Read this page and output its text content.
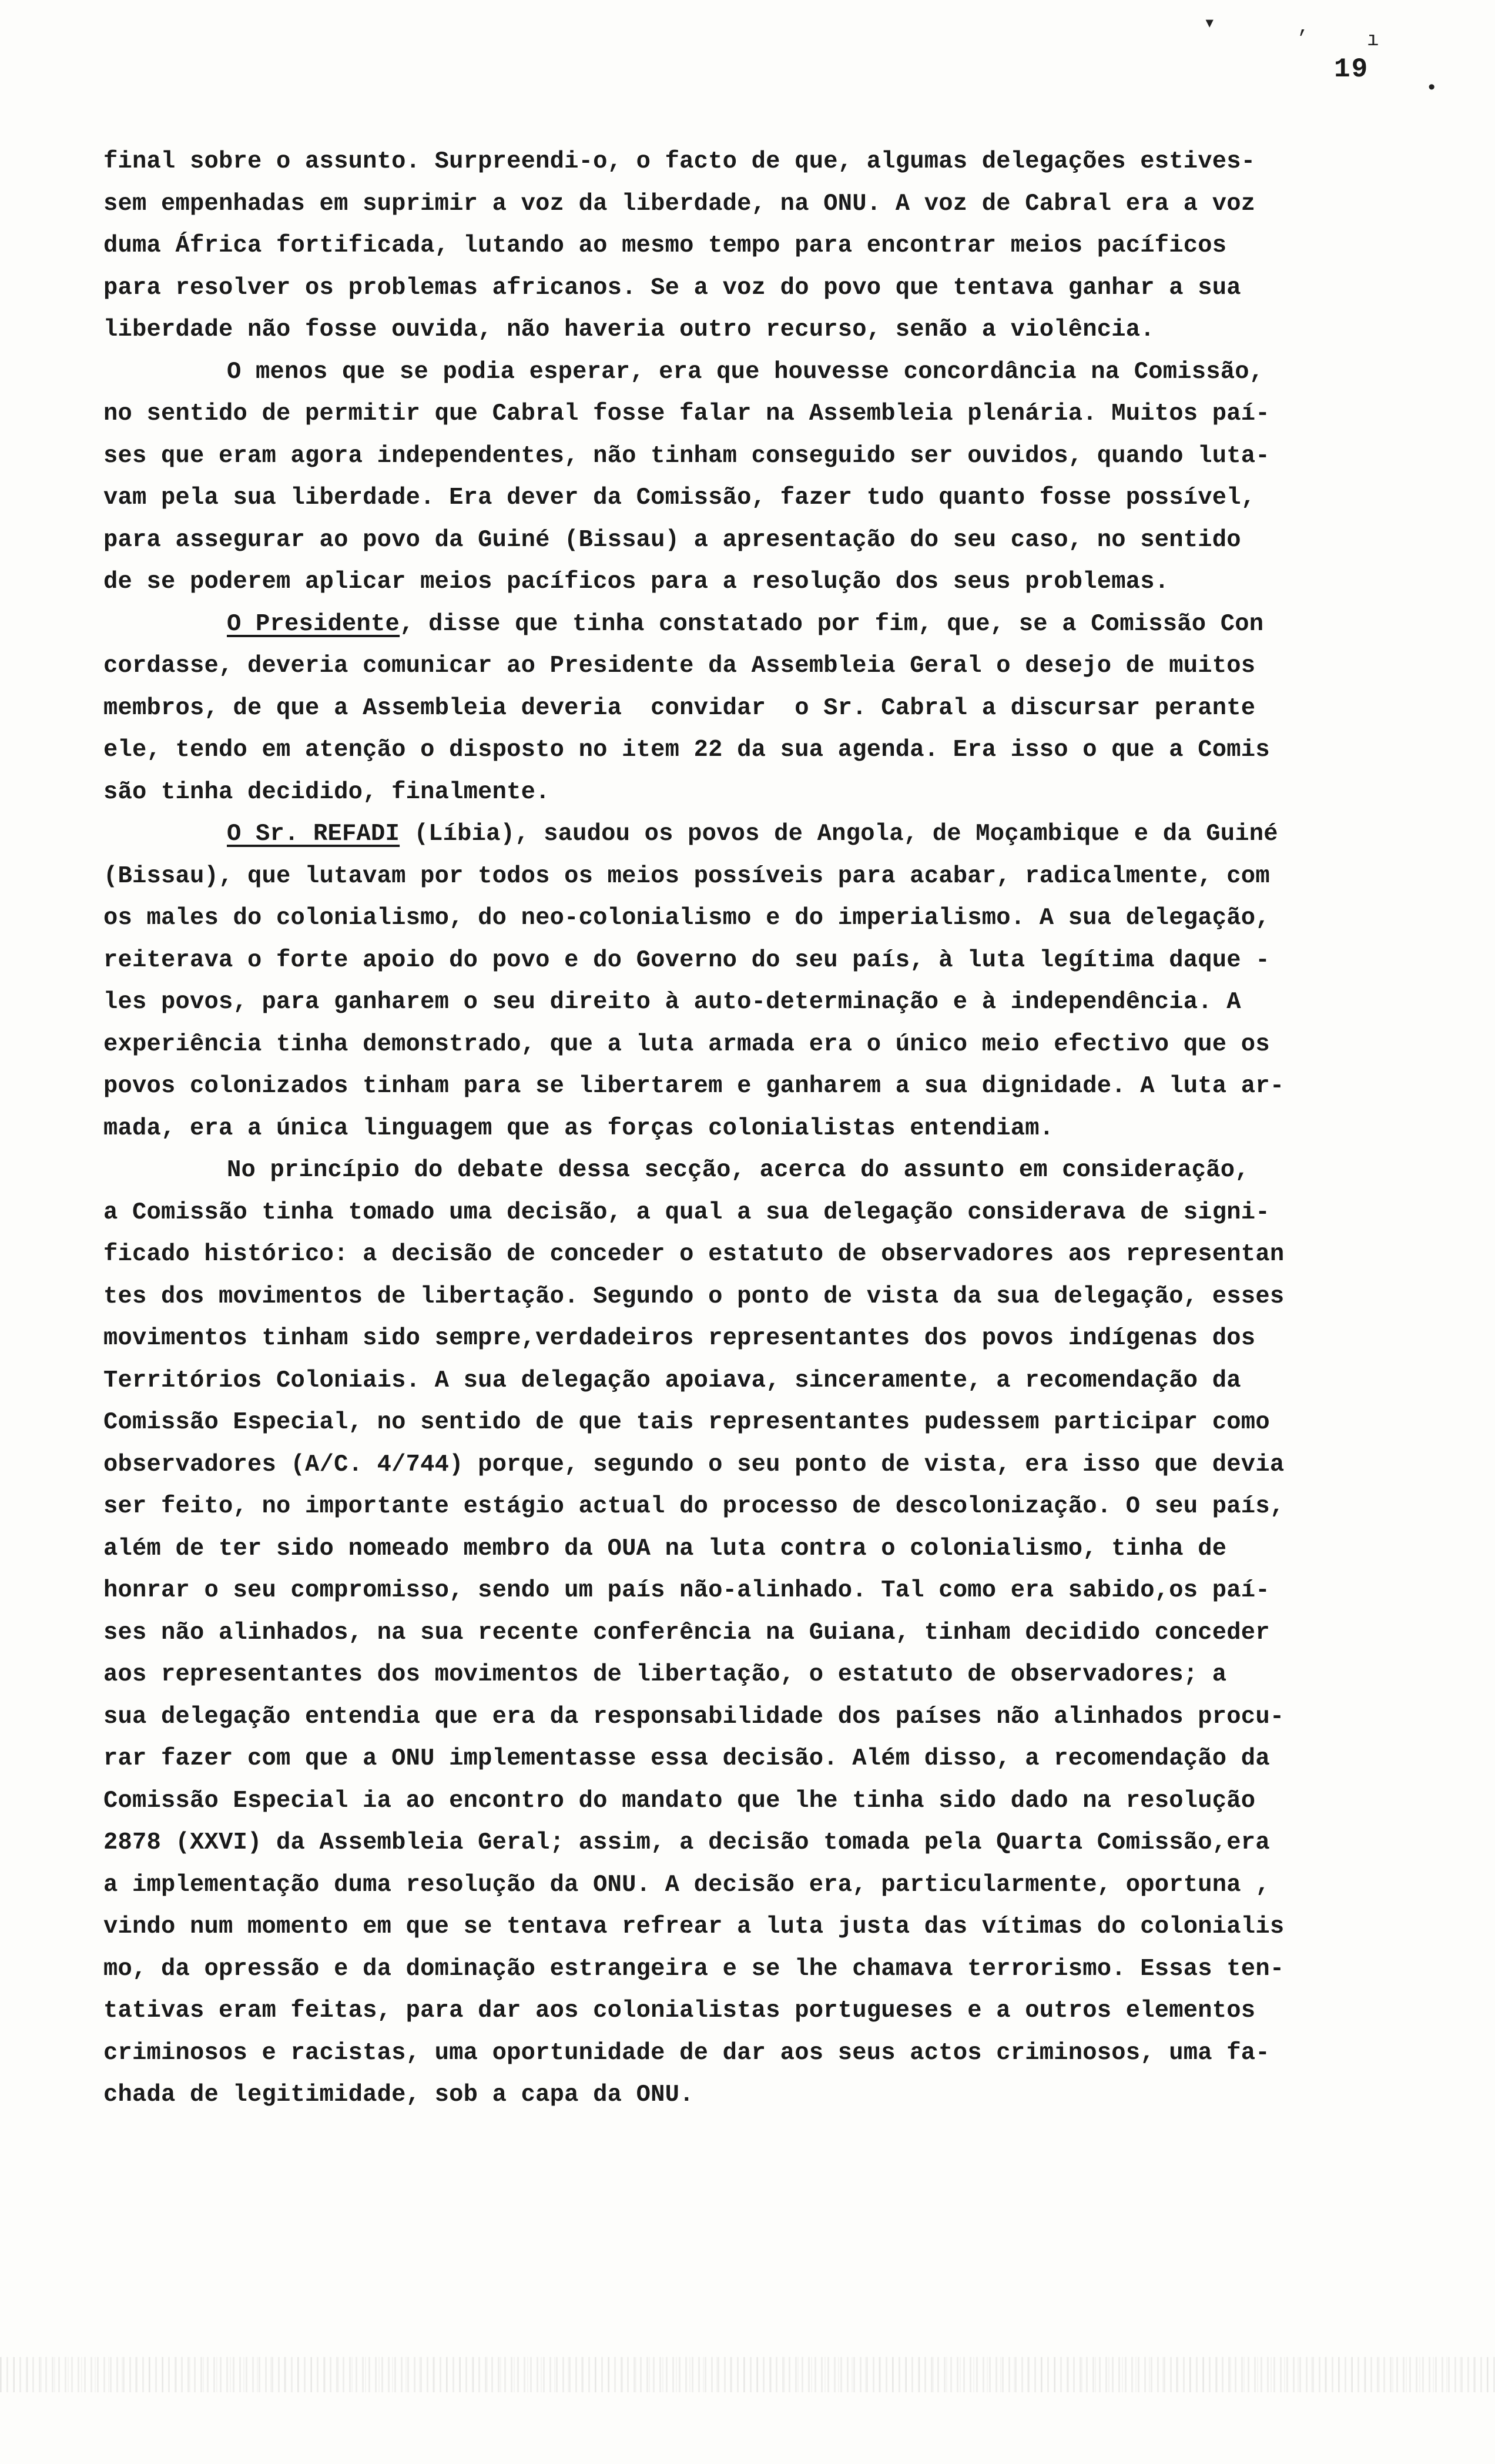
▾	,
ı
•
19
final sobre o assunto. Surpreendi-o, o facto de que, algumas delegações estives-
sem empenhadas em suprimir a voz da liberdade, na ONU. A voz de Cabral era a voz
duma África fortificada, lutando ao mesmo tempo para encontrar meios pacíficos
para resolver os problemas africanos. Se a voz do povo que tentava ganhar a sua
liberdade não fosse ouvida, não haveria outro recurso, senão a violência.
O menos que se podia esperar, era que houvesse concordância na Comissão,
no sentido de permitir que Cabral fosse falar na Assembleia plenária. Muitos paí-
ses que eram agora independentes, não tinham conseguido ser ouvidos, quando luta-
vam pela sua liberdade. Era dever da Comissão, fazer tudo quanto fosse possível,
para assegurar ao povo da Guiné (Bissau) a apresentação do seu caso, no sentido
de se poderem aplicar meios pacíficos para a resolução dos seus problemas.
O Presidente, disse que tinha constatado por fim, que, se a Comissão Con
cordasse, deveria comunicar ao Presidente da Assembleia Geral o desejo de muitos
membros, de que a Assembleia deveria  convidar  o Sr. Cabral a discursar perante
ele, tendo em atenção o disposto no item 22 da sua agenda. Era isso o que a Comis
são tinha decidido, finalmente.
O Sr. REFADI (Líbia), saudou os povos de Angola, de Moçambique e da Guiné
(Bissau), que lutavam por todos os meios possíveis para acabar, radicalmente, com
os males do colonialismo, do neo-colonialismo e do imperialismo. A sua delegação,
reiterava o forte apoio do povo e do Governo do seu país, à luta legítima daque -
les povos, para ganharem o seu direito à auto-determinação e à independência. A
experiência tinha demonstrado, que a luta armada era o único meio efectivo que os
povos colonizados tinham para se libertarem e ganharem a sua dignidade. A luta ar-
mada, era a única linguagem que as forças colonialistas entendiam.
No princípio do debate dessa secção, acerca do assunto em consideração,
a Comissão tinha tomado uma decisão, a qual a sua delegação considerava de signi-
ficado histórico: a decisão de conceder o estatuto de observadores aos representan
tes dos movimentos de libertação. Segundo o ponto de vista da sua delegação, esses
movimentos tinham sido sempre,verdadeiros representantes dos povos indígenas dos
Territórios Coloniais. A sua delegação apoiava, sinceramente, a recomendação da
Comissão Especial, no sentido de que tais representantes pudessem participar como
observadores (A/C. 4/744) porque, segundo o seu ponto de vista, era isso que devia
ser feito, no importante estágio actual do processo de descolonização. O seu país,
além de ter sido nomeado membro da OUA na luta contra o colonialismo, tinha de
honrar o seu compromisso, sendo um país não-alinhado. Tal como era sabido,os paí-
ses não alinhados, na sua recente conferência na Guiana, tinham decidido conceder
aos representantes dos movimentos de libertação, o estatuto de observadores; a
sua delegação entendia que era da responsabilidade dos países não alinhados procu-
rar fazer com que a ONU implementasse essa decisão. Além disso, a recomendação da
Comissão Especial ia ao encontro do mandato que lhe tinha sido dado na resolução
2878 (XXVI) da Assembleia Geral; assim, a decisão tomada pela Quarta Comissão,era
a implementação duma resolução da ONU. A decisão era, particularmente, oportuna ,
vindo num momento em que se tentava refrear a luta justa das vítimas do colonialis
mo, da opressão e da dominação estrangeira e se lhe chamava terrorismo. Essas ten-
tativas eram feitas, para dar aos colonialistas portugueses e a outros elementos
criminosos e racistas, uma oportunidade de dar aos seus actos criminosos, uma fa-
chada de legitimidade, sob a capa da ONU.
